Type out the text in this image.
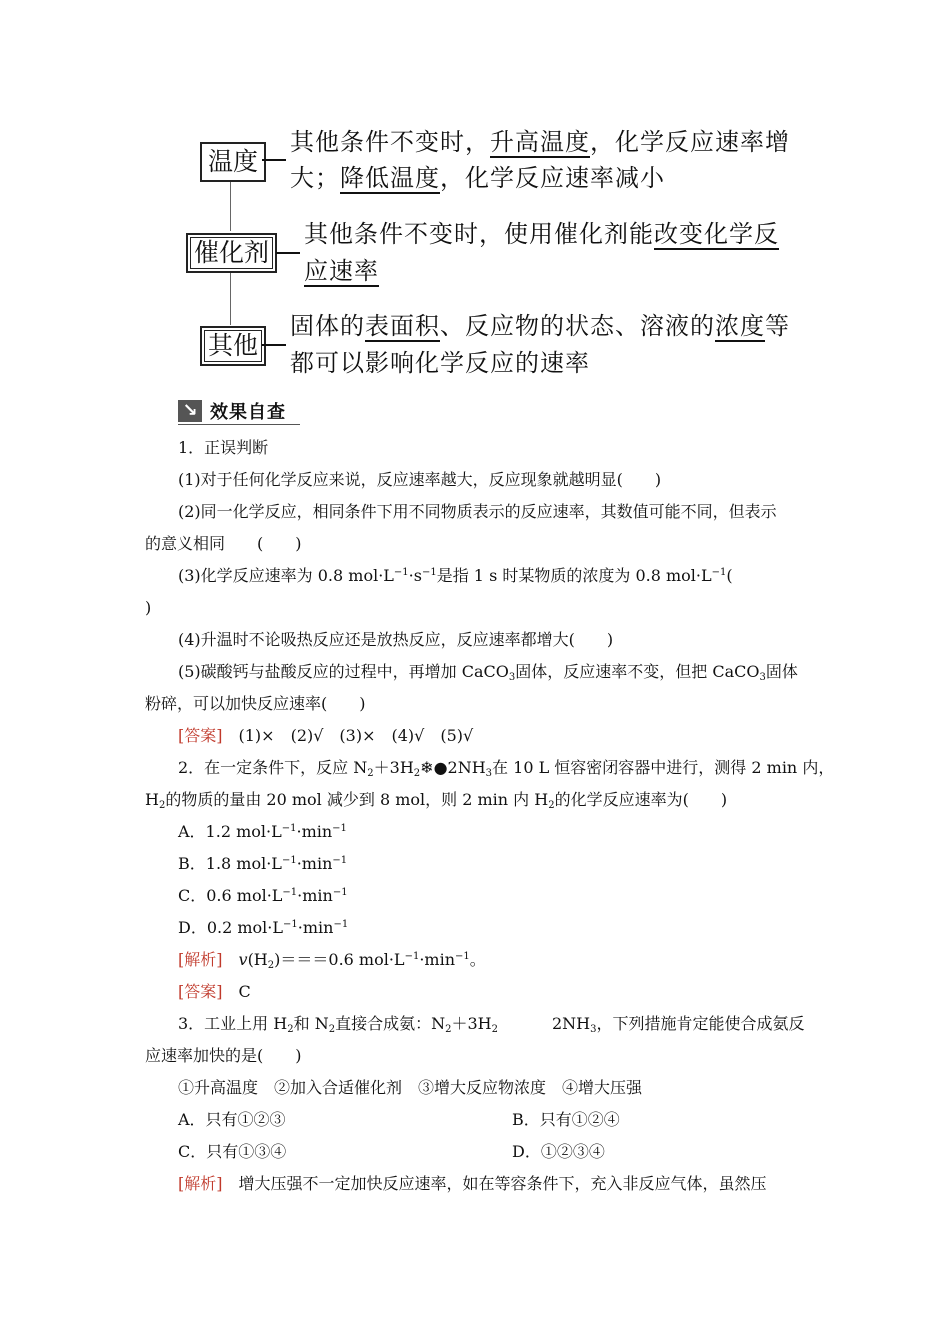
温度
其他条件不变时，升高温度，化学反应速率增
大；降低温度，化学反应速率减小
催化剂
其他条件不变时，使用催化剂能改变化学反
应速率
其他
固体的表面积、反应物的状态、溶液的浓度等
都可以影响化学反应的速率
↘ 效果自查
1．正误判断
(1)对于任何化学反应来说，反应速率越大，反应现象就越明显(　　)
(2)同一化学反应，相同条件下用不同物质表示的反应速率，其数值可能不同，但表示
的意义相同　　(　　)
(3)化学反应速率为 0.8 $mol\cdot L^{-1}\cdot s^{-1}$是指 1 s 时某物质的浓度为 0.8 $mol\cdot L^{-1}$(
)
(4)升温时不论吸热反应还是放热反应，反应速率都增大(　　)
(5)碳酸钙与盐酸反应的过程中，再增加 CaCO$_3$固体，反应速率不变，但把 CaCO$_3$固体
粉碎，可以加快反应速率(　　)
[答案]　(1)×　(2)√　(3)×　(4)√　(5)√
2．在一定条件下，反应 $N_2+3H_2❄●2NH_3$在 10 L 恒容密闭容器中进行，测得 2 min 内，
$H_2$的物质的量由 20 mol 减少到 8 mol，则 2 min 内 $H_2$的化学反应速率为(　　)
A．1.2 $mol\cdot L^{-1}\cdot\min^{-1}$
B．1.8 $mol\cdot L^{-1}\cdot\min^{-1}$
C．0.6 $mol\cdot L^{-1}\cdot\min^{-1}$
D．0.2 $mol\cdot L^{-1}\cdot\min^{-1}$
[解析]　 $v(H_2)===0.6$ $mol\cdot L^{-1}\cdot\min^{-1}$。
[答案]　 C
3．工业上用 $H_2$和 $N_2$直接合成氨：$N_2+3H_2$	$2NH_3$，下列措施肯定能使合成氨反
应速率加快的是(　　)
①升高温度　②加入合适催化剂　③增大反应物浓度　④增大压强
A．只有①②③	B．只有①②④
C．只有①③④	D．①②③④
[解析]　增大压强不一定加快反应速率，如在等容条件下，充入非反应气体，虽然压
